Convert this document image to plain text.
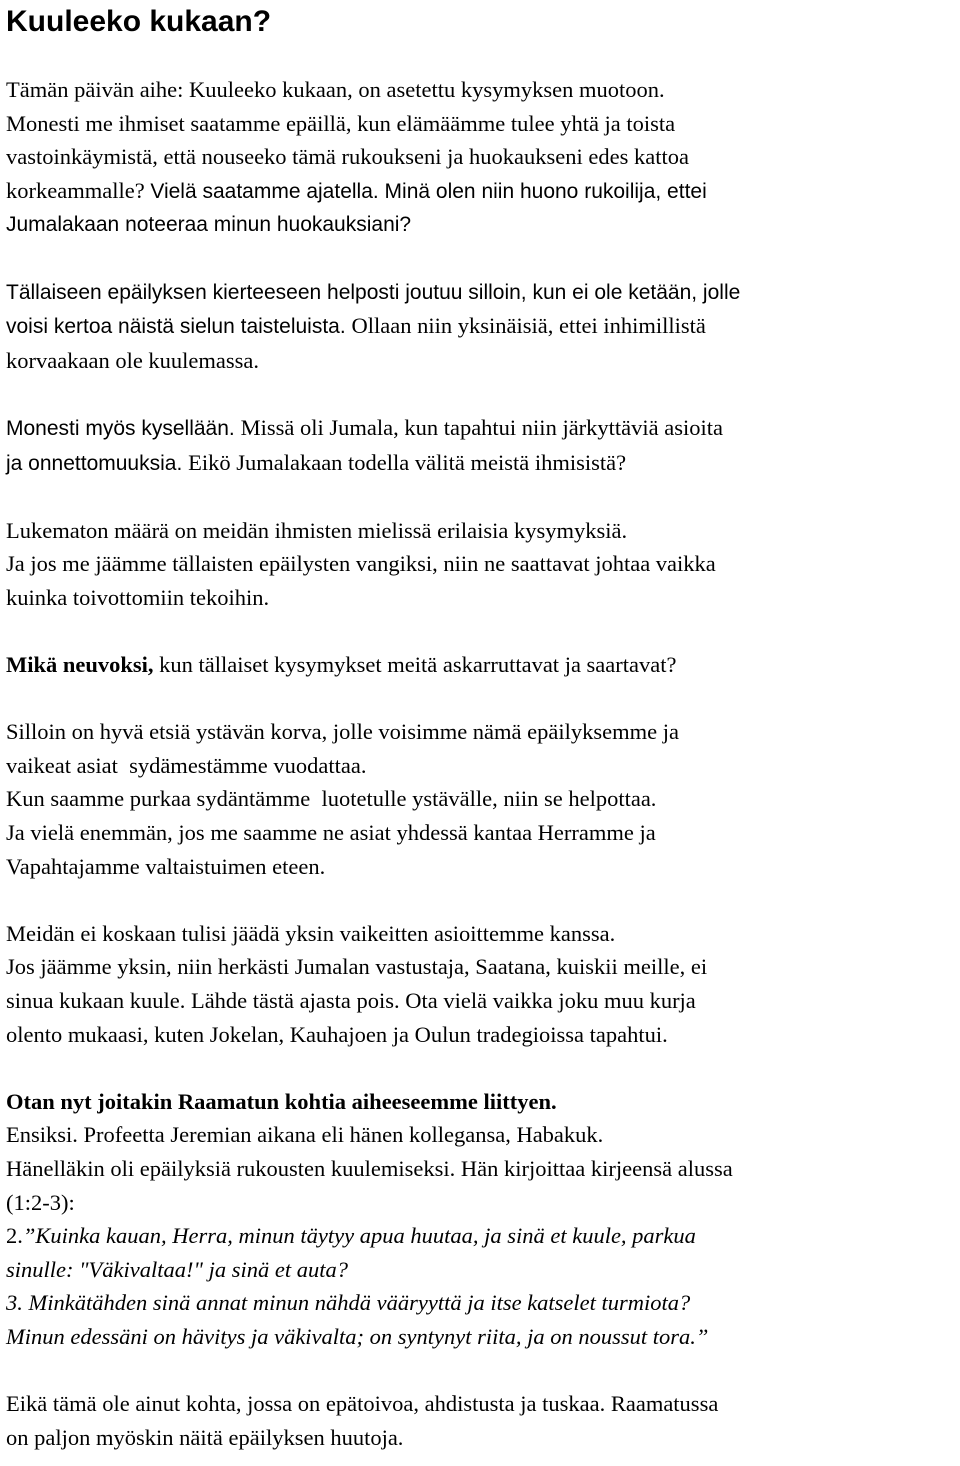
Kuuleeko kukaan?
Tämän päivän aihe: Kuuleeko kukaan, on asetettu kysymyksen muotoon.
Monesti me ihmiset saatamme epäillä, kun elämäämme tulee yhtä ja toista
vastoinkäymistä, että nouseeko tämä rukoukseni ja huokaukseni edes kattoa
korkeammalle? Vielä saatamme ajatella. Minä olen niin huono rukoilija, ettei
Jumalakaan noteeraa minun huokauksiani?
Tällaiseen epäilyksen kierteeseen helposti joutuu silloin, kun ei ole ketään, jolle
voisi kertoa näistä sielun taisteluista. Ollaan niin yksinäisiä, ettei inhimillistä
korvaakaan ole kuulemassa.
Monesti myös kysellään. Missä oli Jumala, kun tapahtui niin järkyttäviä asioita
ja onnettomuuksia. Eikö Jumalakaan todella välitä meistä ihmisistä?
Lukematon määrä on meidän ihmisten mielissä erilaisia kysymyksiä.
Ja jos me jäämme tällaisten epäilysten vangiksi, niin ne saattavat johtaa vaikka
kuinka toivottomiin tekoihin.
Mikä neuvoksi, kun tällaiset kysymykset meitä askarruttavat ja saartavat?
Silloin on hyvä etsiä ystävän korva, jolle voisimme nämä epäilyksemme ja
vaikeat asiat  sydämestämme vuodattaa.
Kun saamme purkaa sydäntämme  luotetulle ystävälle, niin se helpottaa.
Ja vielä enemmän, jos me saamme ne asiat yhdessä kantaa Herramme ja
Vapahtajamme valtaistuimen eteen.
Meidän ei koskaan tulisi jäädä yksin vaikeitten asioittemme kanssa.
Jos jäämme yksin, niin herkästi Jumalan vastustaja, Saatana, kuiskii meille, ei
sinua kukaan kuule. Lähde tästä ajasta pois. Ota vielä vaikka joku muu kurja
olento mukaasi, kuten Jokelan, Kauhajoen ja Oulun tradegioissa tapahtui.
Otan nyt joitakin Raamatun kohtia aiheeseemme liittyen.
Ensiksi. Profeetta Jeremian aikana eli hänen kollegansa, Habakuk.
Hänelläkin oli epäilyksiä rukousten kuulemiseksi. Hän kirjoittaa kirjeensä alussa
(1:2-3):
2.”Kuinka kauan, Herra, minun täytyy apua huutaa, ja sinä et kuule, parkua
sinulle: "Väkivaltaa!" ja sinä et auta?
3. Minkätähden sinä annat minun nähdä vääryyttä ja itse katselet turmiota?
Minun edessäni on hävitys ja väkivalta; on syntynyt riita, ja on noussut tora.”
Eikä tämä ole ainut kohta, jossa on epätoivoa, ahdistusta ja tuskaa. Raamatussa
on paljon myöskin näitä epäilyksen huutoja.
